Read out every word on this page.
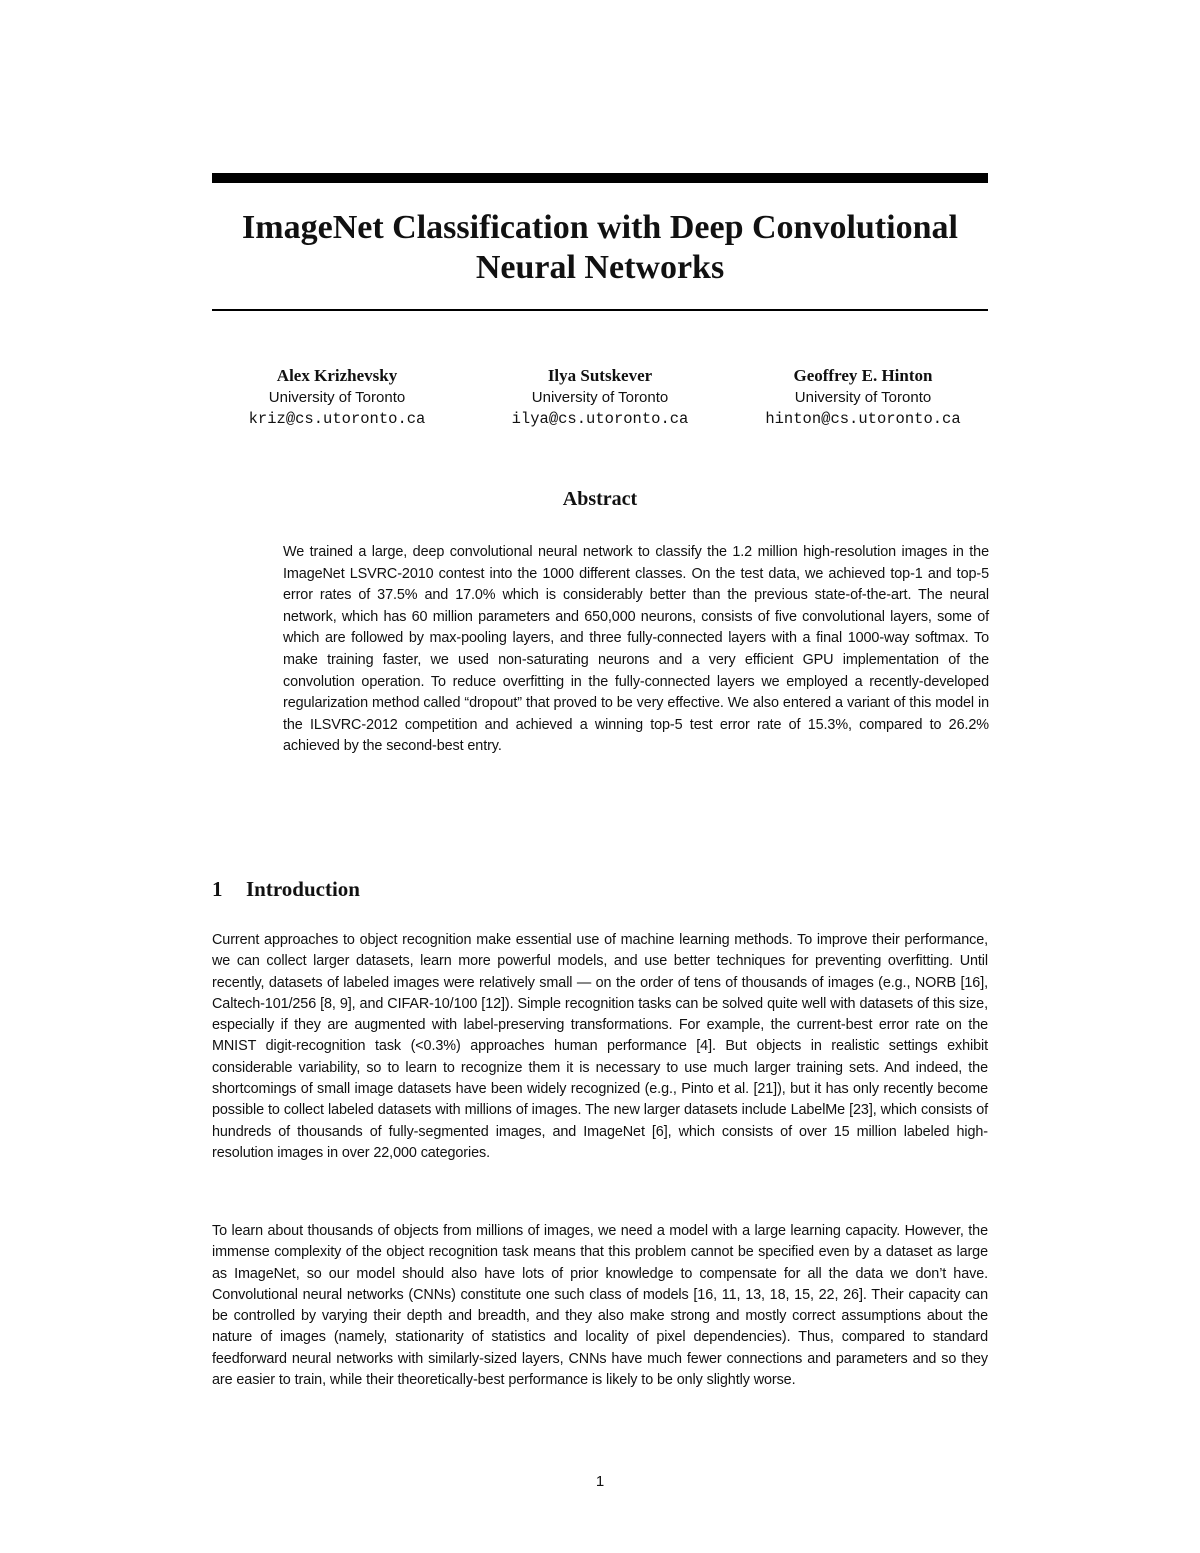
ImageNet Classification with Deep Convolutional
Neural Networks
Alex Krizhevsky
University of Toronto
kriz@cs.utoronto.ca
Ilya Sutskever
University of Toronto
ilya@cs.utoronto.ca
Geoffrey E. Hinton
University of Toronto
hinton@cs.utoronto.ca
Abstract

We trained a large, deep convolutional neural network to classify the 1.2 million high-resolution images in the ImageNet LSVRC-2010 contest into the 1000 different classes. On the test data, we achieved top-1 and top-5 error rates of 37.5% and 17.0% which is considerably better than the previous state-of-the-art. The neural network, which has 60 million parameters and 650,000 neurons, consists of five convolutional layers, some of which are followed by max-pooling layers, and three fully-connected layers with a final 1000-way softmax. To make training faster, we used non-saturating neurons and a very efficient GPU implementation of the convolution operation. To reduce overfitting in the fully-connected layers we employed a recently-developed regularization method called “dropout” that proved to be very effective. We also entered a variant of this model in the ILSVRC-2012 competition and achieved a winning top-5 test error rate of 15.3%, compared to 26.2% achieved by the second-best entry.

1 Introduction

Current approaches to object recognition make essential use of machine learning methods. To improve their performance, we can collect larger datasets, learn more powerful models, and use better techniques for preventing overfitting. Until recently, datasets of labeled images were relatively small — on the order of tens of thousands of images (e.g., NORB [16], Caltech-101/256 [8, 9], and CIFAR-10/100 [12]). Simple recognition tasks can be solved quite well with datasets of this size, especially if they are augmented with label-preserving transformations. For example, the current-best error rate on the MNIST digit-recognition task (<0.3%) approaches human performance [4]. But objects in realistic settings exhibit considerable variability, so to learn to recognize them it is necessary to use much larger training sets. And indeed, the shortcomings of small image datasets have been widely recognized (e.g., Pinto et al. [21]), but it has only recently become possible to collect labeled datasets with millions of images. The new larger datasets include LabelMe [23], which consists of hundreds of thousands of fully-segmented images, and ImageNet [6], which consists of over 15 million labeled high-resolution images in over 22,000 categories.

To learn about thousands of objects from millions of images, we need a model with a large learning capacity. However, the immense complexity of the object recognition task means that this problem cannot be specified even by a dataset as large as ImageNet, so our model should also have lots of prior knowledge to compensate for all the data we don’t have. Convolutional neural networks (CNNs) constitute one such class of models [16, 11, 13, 18, 15, 22, 26]. Their capacity can be controlled by varying their depth and breadth, and they also make strong and mostly correct assumptions about the nature of images (namely, stationarity of statistics and locality of pixel dependencies). Thus, compared to standard feedforward neural networks with similarly-sized layers, CNNs have much fewer connections and parameters and so they are easier to train, while their theoretically-best performance is likely to be only slightly worse.

1
